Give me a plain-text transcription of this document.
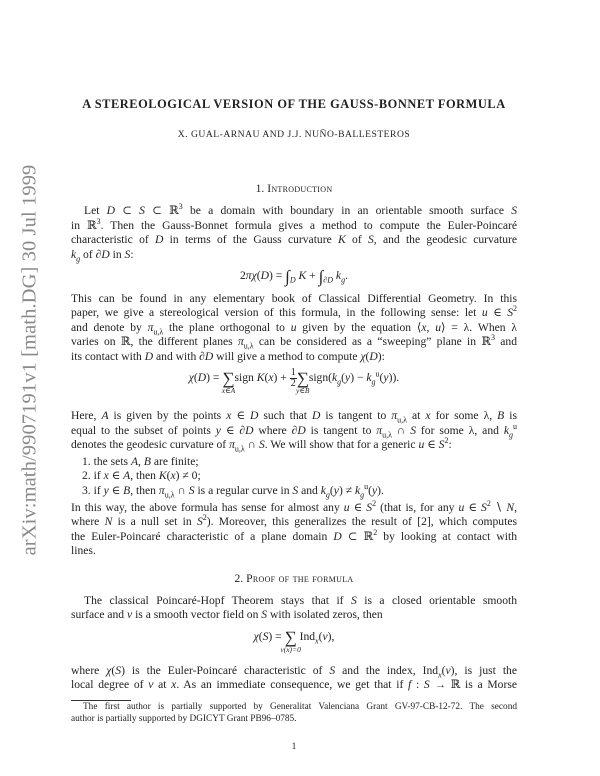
arXiv:math/9907191v1 [math.DG] 30 Jul 1999
A STEREOLOGICAL VERSION OF THE GAUSS-BONNET FORMULA
X. GUAL-ARNAU AND J.J. NUÑO-BALLESTEROS
1. Introduction
Let D ⊂ S ⊂ ℝ$^3$ be a domain with boundary in an orientable smooth surface S
in ℝ$^3$. Then the Gauss-Bonnet formula gives a method to compute the Euler-Poincaré
characteristic of D in terms of the Gauss curvature K of S, and the geodesic curvature
$k_g$ of ∂D in S:
$2\pi\chi(D) = \int_D$ $K + \int_{\partial D}$ $k_g$.
This can be found in any elementary book of Classical Differential Geometry. In this
paper, we give a stereological version of this formula, in the following sense: let u ∈ $S^2$
and denote by $\pi_{u,\lambda}$ the plane orthogonal to u given by the equation ⟨x, u⟩ = λ. When λ
varies on ℝ, the different planes $\pi_{u,\lambda}$ can be considered as a “sweeping” plane in ℝ$^3$ and
its contact with D and with ∂D will give a method to compute χ(D):
χ(D) = ∑
x∈A
sign $K(x) + \frac{1}{2}$ ∑
y∈B
$sign(k_g(y) - k_g^u(y))$.
Here, A is given by the points x ∈ D such that D is tangent to $\pi_{u,\lambda}$ at x for some λ, B is
equal to the subset of points y ∈ ∂D where ∂D is tangent to $\pi_{u,\lambda}$ ∩ S for some λ, and $k_g^u$
denotes the geodesic curvature of $\pi_{u,\lambda}$ ∩ S. We will show that for a generic u ∈ $S^2$:
1. the sets A, B are finite;
2. if x ∈ A, then K(x) ≠ 0;
3. if y ∈ B, then $\pi_{u,\lambda}$ ∩ S is a regular curve in S and $k_g(y) \ne k_g^u(y)$.
In this way, the above formula has sense for almost any u ∈ $S^2$ (that is, for any u ∈ $S^2$ ∖ N,
where N is a null set in $S^2$). Moreover, this generalizes the result of [2], which computes
the Euler-Poincaré characteristic of a plane domain D ⊂ ℝ$^2$ by looking at contact with
lines.
2. Proof of the formula
The classical Poincaré-Hopf Theorem stays that if S is a closed orientable smooth
surface and v is a smooth vector field on S with isolated zeros, then
χ(S) = ∑
v(x)=0
Ind$_x$(v),
where χ(S) is the Euler-Poincaré characteristic of S and the index, Ind$_x$(v), is just the
local degree of v at x. As an immediate consequence, we get that if f : S → ℝ is a Morse
The first author is partially supported by Generalitat Valenciana Grant GV-97-CB-12-72. The second
author is partially supported by DGICYT Grant PB96–0785.
1
